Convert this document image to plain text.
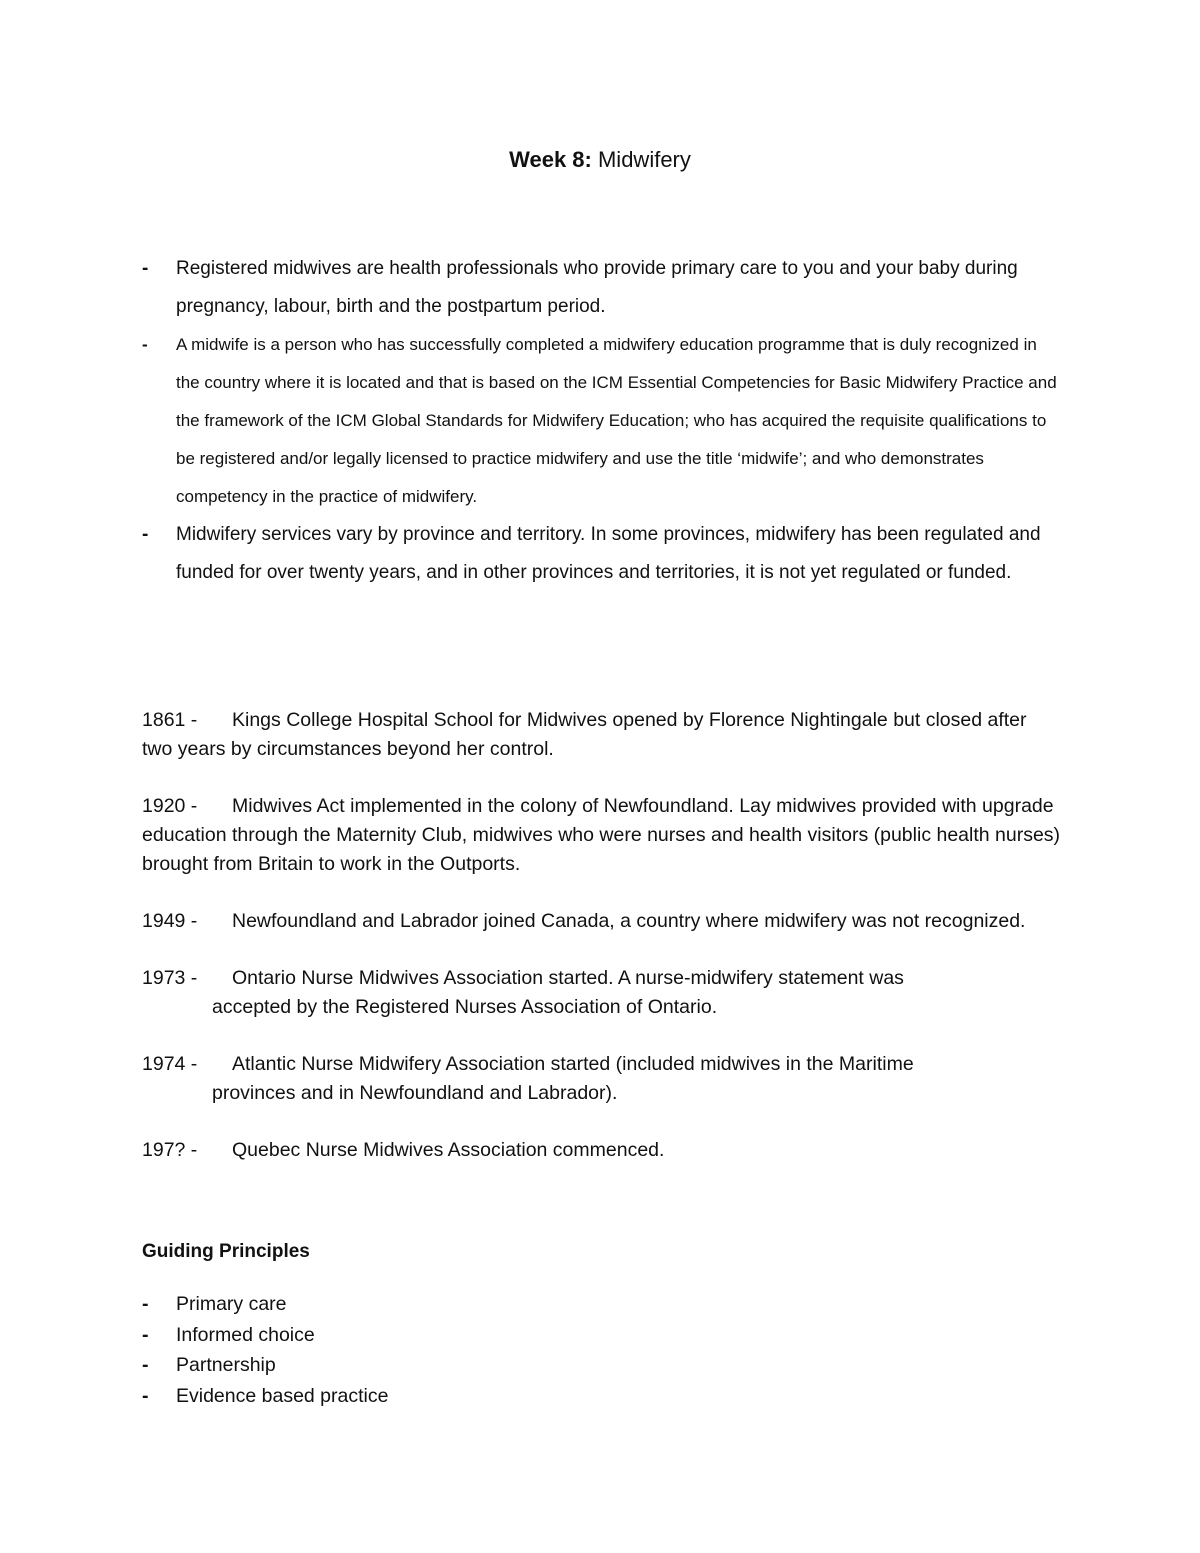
Week 8: Midwifery
- Registered midwives are health professionals who provide primary care to you and your baby during pregnancy, labour, birth and the postpartum period.
- A midwife is a person who has successfully completed a midwifery education programme that is duly recognized in the country where it is located and that is based on the ICM Essential Competencies for Basic Midwifery Practice and the framework of the ICM Global Standards for Midwifery Education; who has acquired the requisite qualifications to be registered and/or legally licensed to practice midwifery and use the title ‘midwife’; and who demonstrates competency in the practice of midwifery.
- Midwifery services vary by province and territory. In some provinces, midwifery has been regulated and funded for over twenty years, and in other provinces and territories, it is not yet regulated or funded.
1861 - Kings College Hospital School for Midwives opened by Florence Nightingale but closed after two years by circumstances beyond her control.
1920 - Midwives Act implemented in the colony of Newfoundland. Lay midwives provided with upgrade education through the Maternity Club, midwives who were nurses and health visitors (public health nurses) brought from Britain to work in the Outports.
1949 - Newfoundland and Labrador joined Canada, a country where midwifery was not recognized.
1973 - Ontario Nurse Midwives Association started. A nurse-midwifery statement was
accepted by the Registered Nurses Association of Ontario.
1974 - Atlantic Nurse Midwifery Association started (included midwives in the Maritime
provinces and in Newfoundland and Labrador).
197? - Quebec Nurse Midwives Association commenced.
Guiding Principles
- Primary care
- Informed choice
- Partnership
- Evidence based practice
